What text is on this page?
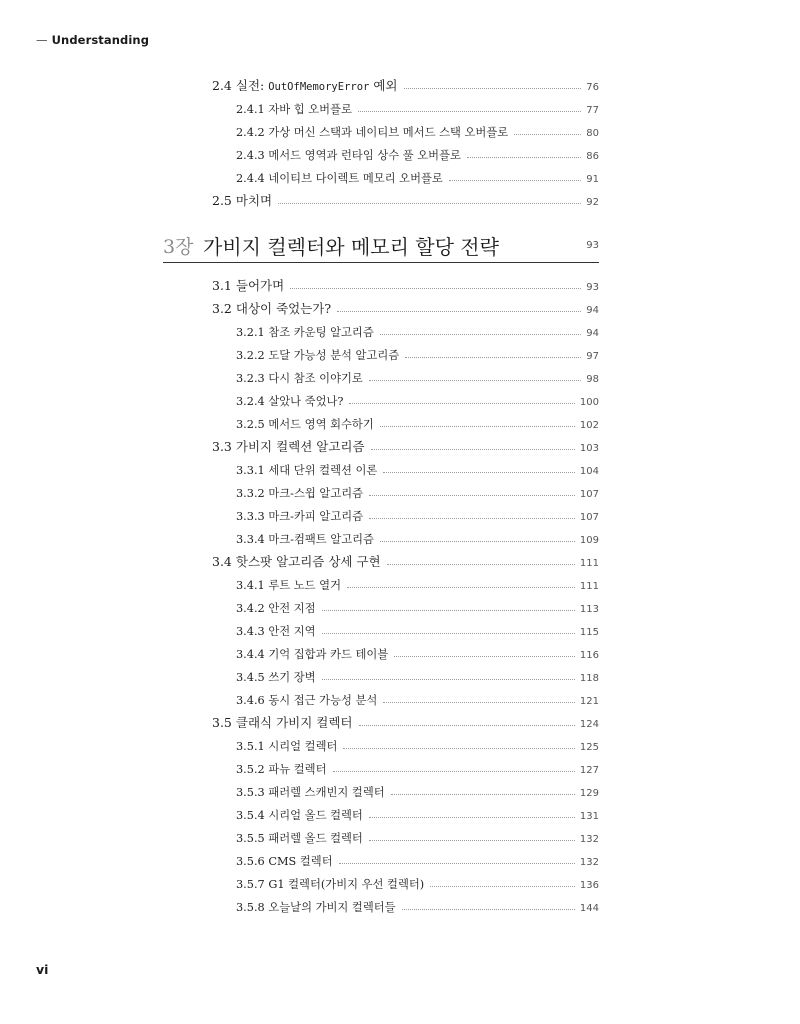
— Understanding
2.4 실전: OutOfMemoryError 예외	76
2.4.1 자바 힙 오버플로	77
2.4.2 가상 머신 스택과 네이티브 메서드 스택 오버플로	80
2.4.3 메서드 영역과 런타임 상수 풀 오버플로	86
2.4.4 네이티브 다이렉트 메모리 오버플로	91
2.5 마치며	92
3장 가비지 컬렉터와 메모리 할당 전략	93
3.1 들어가며	93
3.2 대상이 죽었는가?	94
3.2.1 참조 카운팅 알고리즘	94
3.2.2 도달 가능성 분석 알고리즘	97
3.2.3 다시 참조 이야기로	98
3.2.4 살았나 죽었나?	100
3.2.5 메서드 영역 회수하기	102
3.3 가비지 컬렉션 알고리즘	103
3.3.1 세대 단위 컬렉션 이론	104
3.3.2 마크-스윕 알고리즘	107
3.3.3 마크-카피 알고리즘	107
3.3.4 마크-컴팩트 알고리즘	109
3.4 핫스팟 알고리즘 상세 구현	111
3.4.1 루트 노드 열거	111
3.4.2 안전 지점	113
3.4.3 안전 지역	115
3.4.4 기억 집합과 카드 테이블	116
3.4.5 쓰기 장벽	118
3.4.6 동시 접근 가능성 분석	121
3.5 클래식 가비지 컬렉터	124
3.5.1 시리얼 컬렉터	125
3.5.2 파뉴 컬렉터	127
3.5.3 패러렐 스캐빈지 컬렉터	129
3.5.4 시리얼 올드 컬렉터	131
3.5.5 패러렐 올드 컬렉터	132
3.5.6 CMS 컬렉터	132
3.5.7 G1 컬렉터(가비지 우선 컬렉터)	136
3.5.8 오늘날의 가비지 컬렉터들	144
vi
